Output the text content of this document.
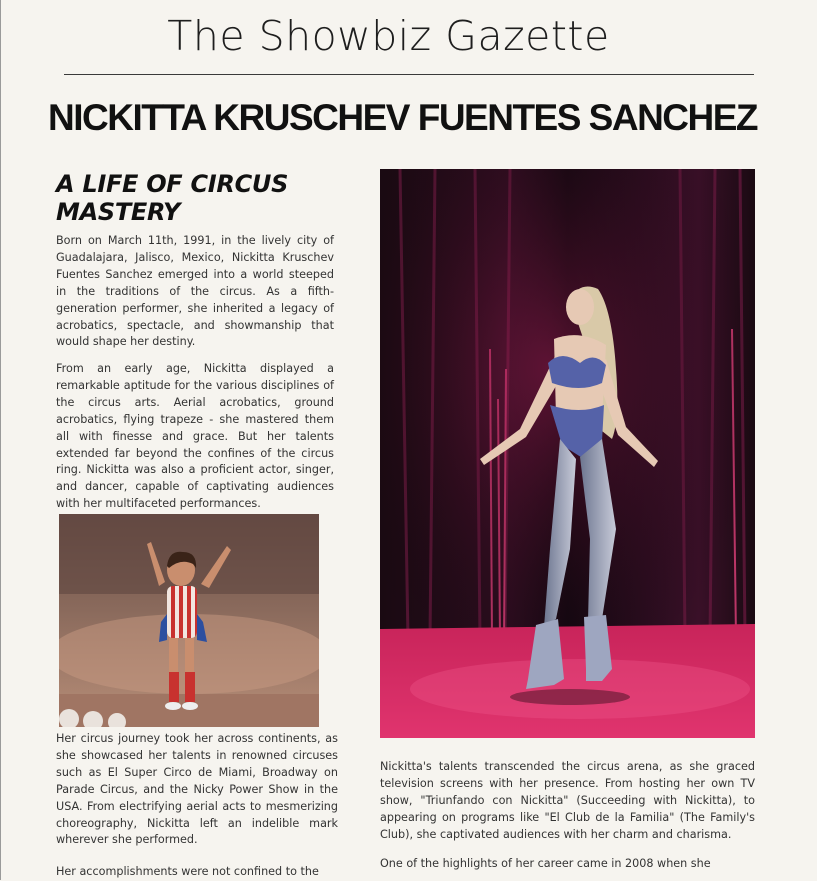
The Showbiz Gazette
NICKITTA KRUSCHEV FUENTES SANCHEZ
A LIFE OF CIRCUS MASTERY

Born on March 11th, 1991, in the lively city of Guadalajara, Jalisco, Mexico, Nickitta Kruschev Fuentes Sanchez emerged into a world steeped in the traditions of the circus. As a fifth-generation performer, she inherited a legacy of acrobatics, spectacle, and showmanship that would shape her destiny.

From an early age, Nickitta displayed a remarkable aptitude for the various disciplines of the circus arts. Aerial acrobatics, ground acrobatics, flying trapeze - she mastered them all with finesse and grace. But her talents extended far beyond the confines of the circus ring. Nickitta was also a proficient actor, singer, and dancer, capable of captivating audiences with her multifaceted performances.

Her circus journey took her across continents, as she showcased her talents in renowned circuses such as El Super Circo de Miami, Broadway on Parade Circus, and the Nicky Power Show in the USA. From electrifying aerial acts to mesmerizing choreography, Nickitta left an indelible mark wherever she performed.

Her accomplishments were not confined to the

Nickitta's talents transcended the circus arena, as she graced television screens with her presence. From hosting her own TV show, "Triunfando con Nickitta" (Succeeding with Nickitta), to appearing on programs like "El Club de la Familia" (The Family's Club), she captivated audiences with her charm and charisma.

One of the highlights of her career came in 2008 when she
